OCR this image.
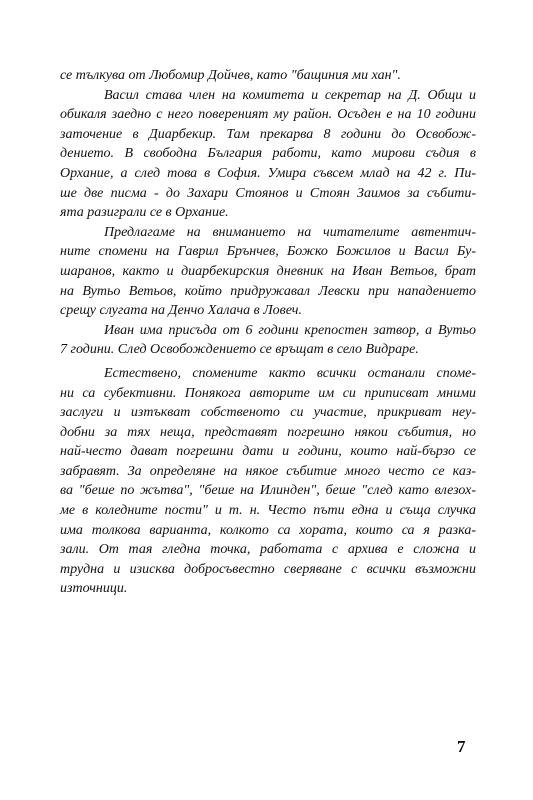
се тълкува от Любомир Дойчев, като "бащиния ми хан".
Васил става член на комитета и секретар на Д. Общи и
обикаля заедно с него повереният му район. Осъден е на 10 години
заточение в Диарбекир. Там прекарва 8 години до Освобож-
дението. В свободна България работи, като мирови съдия в
Орхание, а след това в София. Умира съвсем млад на 42 г. Пи-
ше две писма - до Захари Стоянов и Стоян Заимов за събити-
ята разиграли се в Орхание.
Предлагаме на вниманието на читателите автентич-
ните спомени на Гаврил Брънчев, Божко Божилов и Васил Бу-
шаранов, както и диарбекирския дневник на Иван Ветьов, брат
на Вутьо Ветьов, който придружавал Левски при нападението
срещу слугата на Денчо Халача в Ловеч.
Иван има присъда от 6 години крепостен затвор, а Вутьо
7 години. След Освобождението се връщат в село Видраре.
Естествено, спомените както всички останали споме-
ни са субективни. Понякога авторите им си приписват мними
заслуги и изтъкват собственото си участие, прикриват неу-
добни за тях неща, представят погрешно някои събития, но
най-често дават погрешни дати и години, които най-бързо се
забравят. За определяне на някое събитие много често се каз-
ва "беше по жътва", "беше на Илинден", беше "след като влезох-
ме в коледните пости" и т. н. Често пъти една и съща случка
има толкова варианта, колкото са хората, които са я разка-
зали. От тая гледна точка, работата с архива е сложна и
трудна и изисква добросъвестно сверяване с всички възможни
източници.
7
